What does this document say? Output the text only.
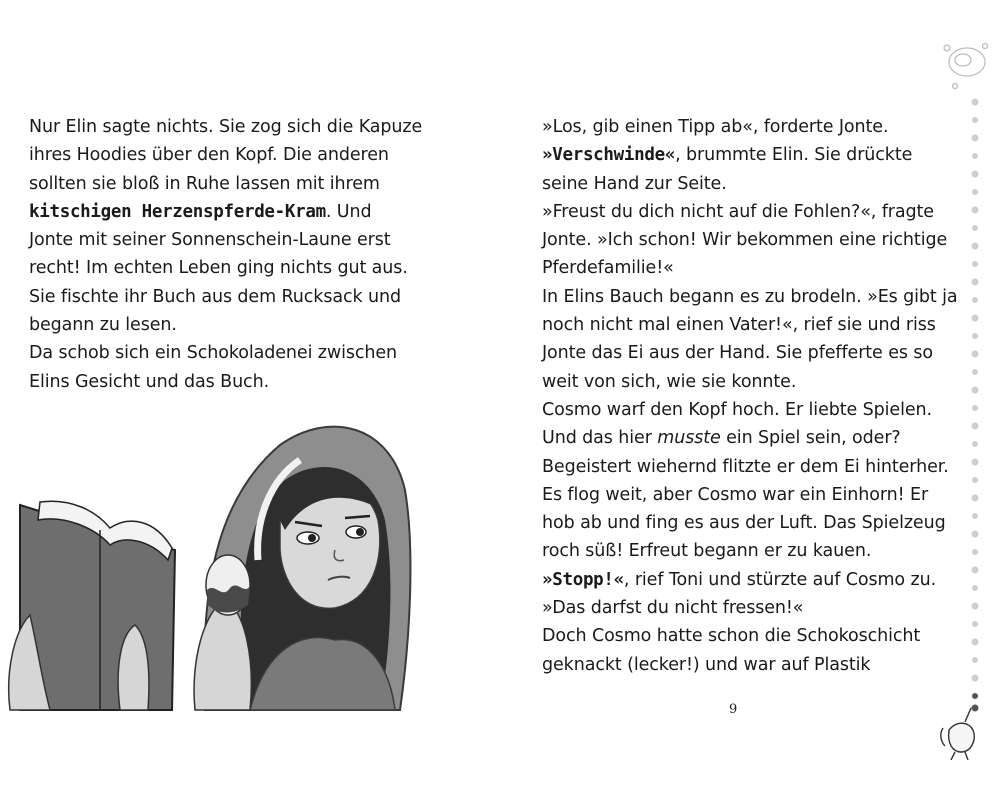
Nur Elin sagte nichts. Sie zog sich die Kapuze
ihres Hoodies über den Kopf. Die anderen
sollten sie bloß in Ruhe lassen mit ihrem
kitschigen Herzenspferde-Kram. Und
Jonte mit seiner Sonnenschein-Laune erst
recht! Im echten Leben ging nichts gut aus.
Sie fischte ihr Buch aus dem Rucksack und
begann zu lesen.
Da schob sich ein Schokoladenei zwischen
Elins Gesicht und das Buch.
»Los, gib einen Tipp ab«, forderte Jonte.
»Verschwinde«, brummte Elin. Sie drückte
seine Hand zur Seite.
»Freust du dich nicht auf die Fohlen?«, fragte
Jonte. »Ich schon! Wir bekommen eine richtige
Pferdefamilie!«
In Elins Bauch begann es zu brodeln. »Es gibt ja
noch nicht mal einen Vater!«, rief sie und riss
Jonte das Ei aus der Hand. Sie pfefferte es so
weit von sich, wie sie konnte.
Cosmo warf den Kopf hoch. Er liebte Spielen.
Und das hier musste ein Spiel sein, oder?
Begeistert wiehernd flitzte er dem Ei hinterher.
Es flog weit, aber Cosmo war ein Einhorn! Er
hob ab und fing es aus der Luft. Das Spielzeug
roch süß! Erfreut begann er zu kauen.
»Stopp!«, rief Toni und stürzte auf Cosmo zu.
»Das darfst du nicht fressen!«
Doch Cosmo hatte schon die Schokoschicht
geknackt (lecker!) und war auf Plastik
9
